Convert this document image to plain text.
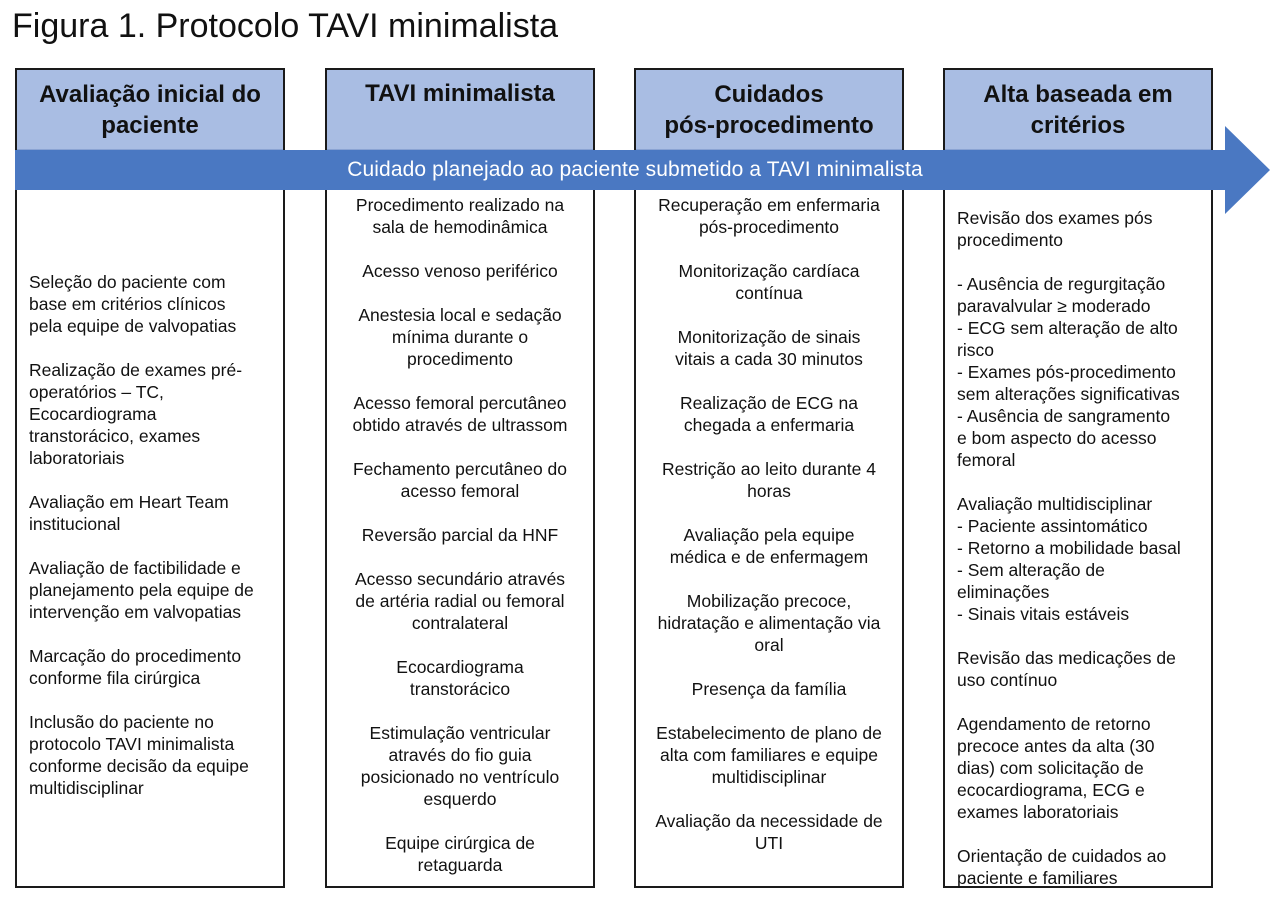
Figura 1. Protocolo TAVI minimalista
Avaliação inicial do
paciente
Seleção do paciente com
base em critérios clínicos
pela equipe de valvopatias
Realização de exames pré-
operatórios – TC,
Ecocardiograma
transtorácico, exames
laboratoriais
Avaliação em Heart Team
institucional
Avaliação de factibilidade e
planejamento pela equipe de
intervenção em valvopatias
Marcação do procedimento
conforme fila cirúrgica
Inclusão do paciente no
protocolo TAVI minimalista
conforme decisão da equipe
multidisciplinar
TAVI minimalista
Procedimento realizado na
sala de hemodinâmica
Acesso venoso periférico
Anestesia local e sedação
mínima durante o
procedimento
Acesso femoral percutâneo
obtido através de ultrassom
Fechamento percutâneo do
acesso femoral
Reversão parcial da HNF
Acesso secundário através
de artéria radial ou femoral
contralateral
Ecocardiograma
transtorácico
Estimulação ventricular
através do fio guia
posicionado no ventrículo
esquerdo
Equipe cirúrgica de
retaguarda
Cuidados
pós-procedimento
Recuperação em enfermaria
pós-procedimento
Monitorização cardíaca
contínua
Monitorização de sinais
vitais a cada 30 minutos
Realização de ECG na
chegada a enfermaria
Restrição ao leito durante 4
horas
Avaliação pela equipe
médica e de enfermagem
Mobilização precoce,
hidratação e alimentação via
oral
Presença da família
Estabelecimento de plano de
alta com familiares e equipe
multidisciplinar
Avaliação da necessidade de
UTI
Alta baseada em
critérios
Revisão dos exames pós
procedimento
- Ausência de regurgitação
paravalvular ≥ moderado
- ECG sem alteração de alto
risco
- Exames pós-procedimento
sem alterações significativas
- Ausência de sangramento
e bom aspecto do acesso
femoral
Avaliação multidisciplinar
- Paciente assintomático
- Retorno a mobilidade basal
- Sem alteração de
eliminações
- Sinais vitais estáveis
Revisão das medicações de
uso contínuo
Agendamento de retorno
precoce antes da alta (30
dias) com solicitação de
ecocardiograma, ECG e
exames laboratoriais
Orientação de cuidados ao
paciente e familiares
Cuidado planejado ao paciente submetido a TAVI minimalista
